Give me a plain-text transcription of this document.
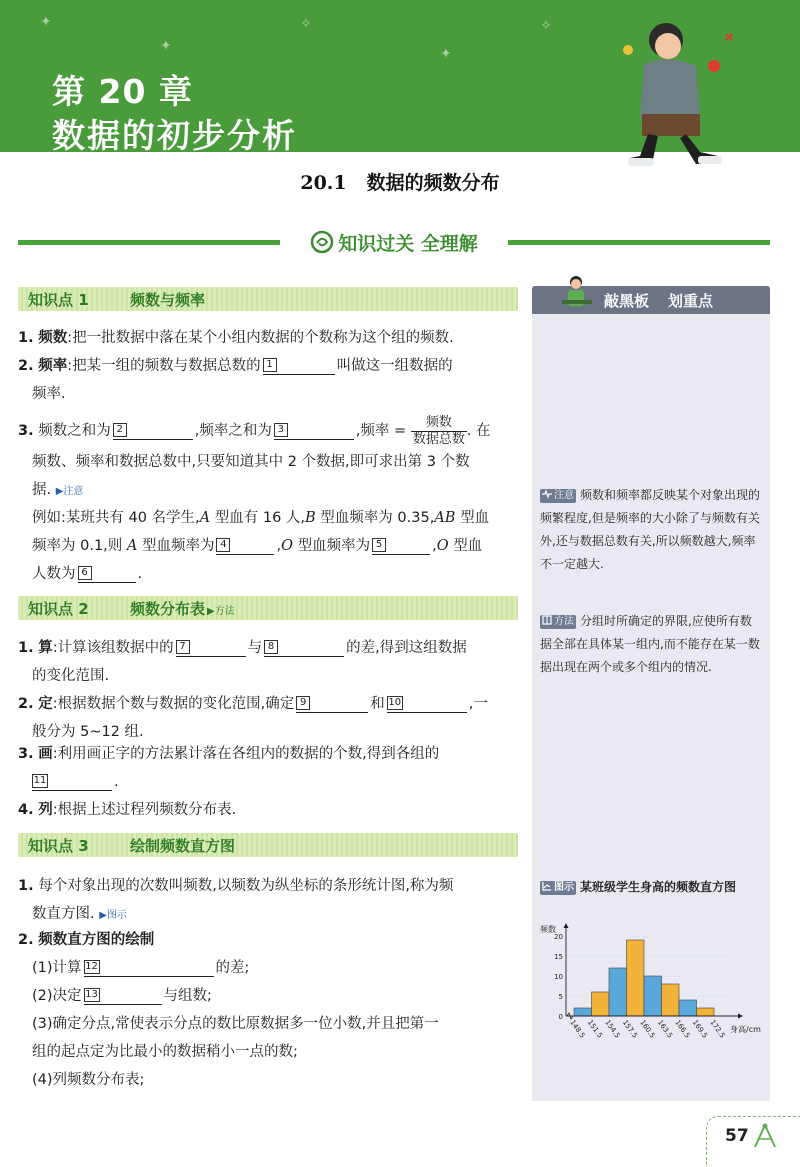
✦
✦
✧
✦
✧
第 20 章
数据的初步分析
20.1 数据的频数分布
知识过关 全理解
知识点 1	频数与频率
1. 频数:把一批数据中落在某个小组内数据的个数称为这个组的频数.
2. 频率:把某一组的频数与数据总数的 1	叫做这一组数据的
频率.
3. 频数之和为 2	,频率之和为 3	,频率 = $\frac{\text{频数}}{\text{数据总数}}$ . 在
频数、频率和数据总数中,只要知道其中 2 个数据,即可求出第 3 个数
据. ▶注意
例如:某班共有 40 名学生,A 型血有 16 人,B 型血频率为 0.35,AB 型血
频率为 0.1,则 A 型血频率为 4	,O 型血频率为 5	,O 型血
人数为 6	.
知识点 2	频数分布表 ▶方法
1. 算:计算该组数据中的 7	与 8	的差,得到这组数据
的变化范围.
2. 定:根据数据个数与数据的变化范围,确定 9	和 10	,一
般分为 5~12 组.
3. 画:利用画正字的方法累计落在各组内的数据的个数,得到各组的
11	.
4. 列:根据上述过程列频数分布表.
知识点 3	绘制频数直方图
1. 每个对象出现的次数叫频数,以频数为纵坐标的条形统计图,称为频
数直方图. ▶图示
2. 频数直方图的绘制
(1)计算 12	的差;
(2)决定 13	与组数;
(3)确定分点,常使表示分点的数比原数据多一位小数,并且把第一
组的起点定为比最小的数据稍小一点的数;
(4)列频数分布表;
敲黑板 划重点
注意 频数和频率都反映某个对象出现的频繁程度,但是频率的大小除了与频数有关外,还与数据总数有关,所以频数越大,频率不一定越大.
方法 分组时所确定的界限,应使所有数据全部在具体某一组内,而不能存在某一数据出现在两个或多个组内的情况.
图示 某班级学生身高的频数直方图
0
5
10
15
20
148.5 151.5 154.5 157.5 160.5 163.5 166.5 169.5 172.5
频数
身高/cm
57
